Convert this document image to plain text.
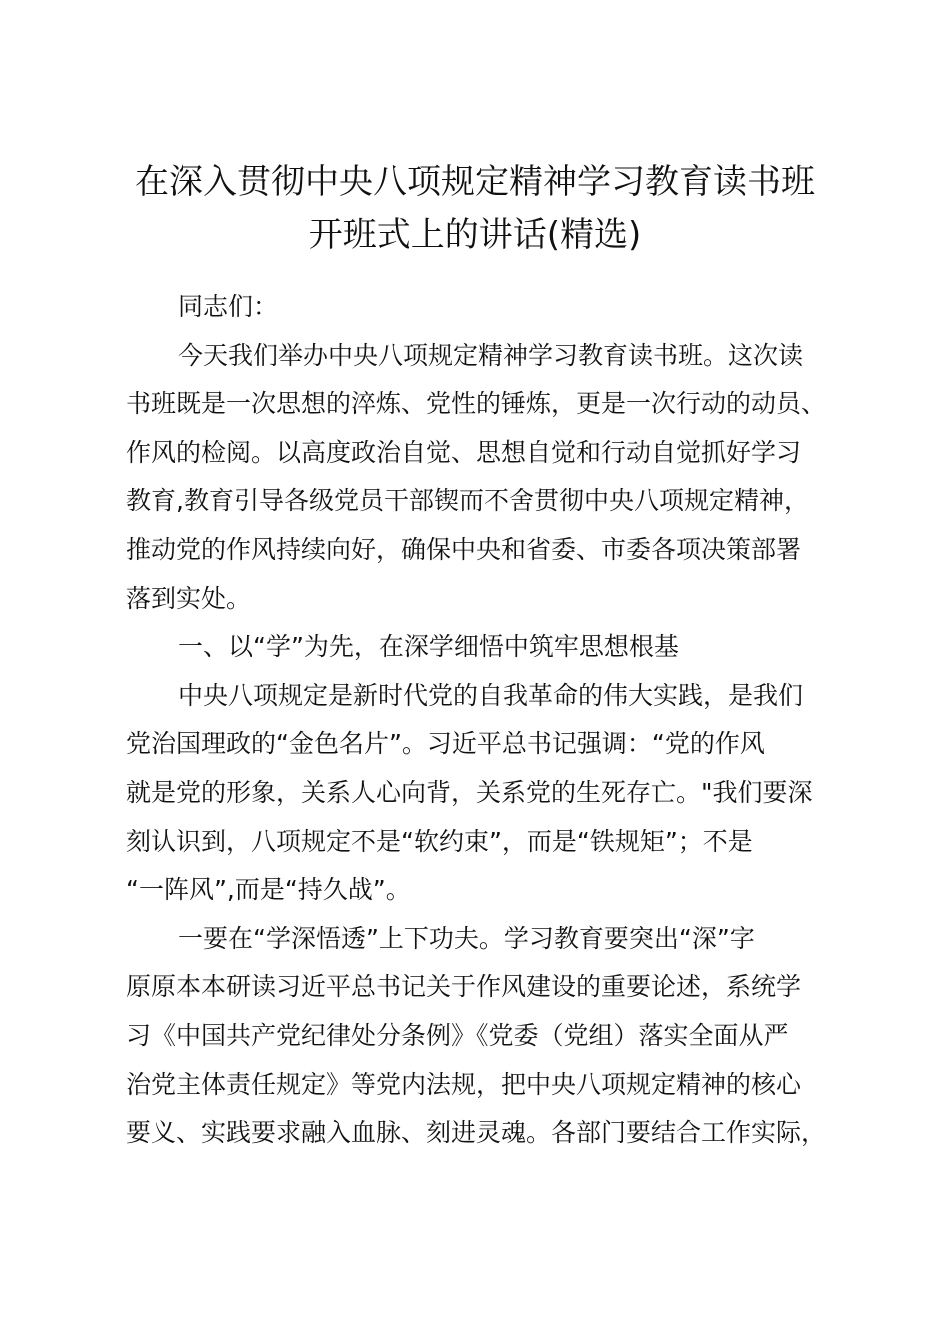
在深入贯彻中央八项规定精神学习教育读书班
开班式上的讲话(精选)
同志们：
今天我们举办中央八项规定精神学习教育读书班。这次读
书班既是一次思想的淬炼、党性的锤炼，更是一次行动的动员、
作风的检阅。以高度政治自觉、思想自觉和行动自觉抓好学习
教育,教育引导各级党员干部锲而不舍贯彻中央八项规定精神，
推动党的作风持续向好，确保中央和省委、市委各项决策部署
落到实处。
一、以“学”为先，在深学细悟中筑牢思想根基
中央八项规定是新时代党的自我革命的伟大实践，是我们
党治国理政的“金色名片”。习近平总书记强调：“党的作风
就是党的形象，关系人心向背，关系党的生死存亡。"我们要深
刻认识到，八项规定不是“软约束”，而是“铁规矩”；不是
“一阵风”,而是“持久战”。
一要在“学深悟透”上下功夫。学习教育要突出“深”字
原原本本研读习近平总书记关于作风建设的重要论述，系统学
习《中国共产党纪律处分条例》《党委（党组）落实全面从严
治党主体责任规定》等党内法规，把中央八项规定精神的核心
要义、实践要求融入血脉、刻进灵魂。各部门要结合工作实际，
